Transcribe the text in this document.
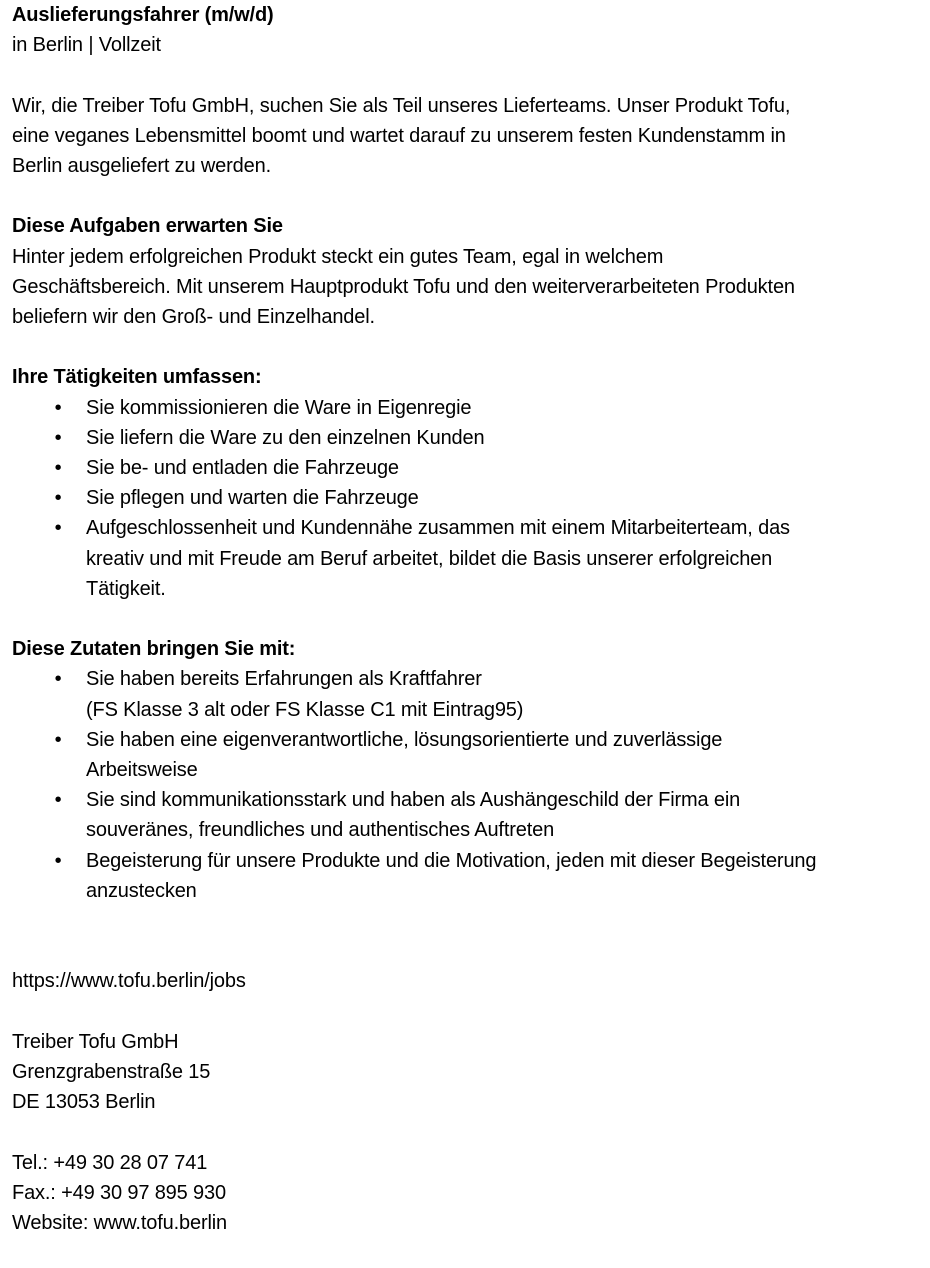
Auslieferungsfahrer (m/w/d)

in Berlin | Vollzeit

Wir, die Treiber Tofu GmbH, suchen Sie als Teil unseres Lieferteams. Unser Produkt Tofu,

eine veganes Lebensmittel boomt und wartet darauf zu unserem festen Kundenstamm in

Berlin ausgeliefert zu werden.

Diese Aufgaben erwarten Sie

Hinter jedem erfolgreichen Produkt steckt ein gutes Team, egal in welchem

Geschäftsbereich. Mit unserem Hauptprodukt Tofu und den weiterverarbeiteten Produkten

beliefern wir den Groß- und Einzelhandel.

Ihre Tätigkeiten umfassen:

•	Sie kommissionieren die Ware in Eigenregie
•	Sie liefern die Ware zu den einzelnen Kunden
•	Sie be- und entladen die Fahrzeuge
•	Sie pflegen und warten die Fahrzeuge
•	Aufgeschlossenheit und Kundennähe zusammen mit einem Mitarbeiterteam, das
kreativ und mit Freude am Beruf arbeitet, bildet die Basis unserer erfolgreichen
Tätigkeit.

Diese Zutaten bringen Sie mit:

•	Sie haben bereits Erfahrungen als Kraftfahrer
(FS Klasse 3 alt oder FS Klasse C1 mit Eintrag95)
•	Sie haben eine eigenverantwortliche, lösungsorientierte und zuverlässige
Arbeitsweise
•	Sie sind kommunikationsstark und haben als Aushängeschild der Firma ein
souveränes, freundliches und authentisches Auftreten
•	Begeisterung für unsere Produkte und die Motivation, jeden mit dieser Begeisterung
anzustecken

https://www.tofu.berlin/jobs

Treiber Tofu GmbH

Grenzgrabenstraße 15

DE 13053 Berlin

Tel.: +49 30 28 07 741

Fax.: +49 30 97 895 930

Website: www.tofu.berlin
